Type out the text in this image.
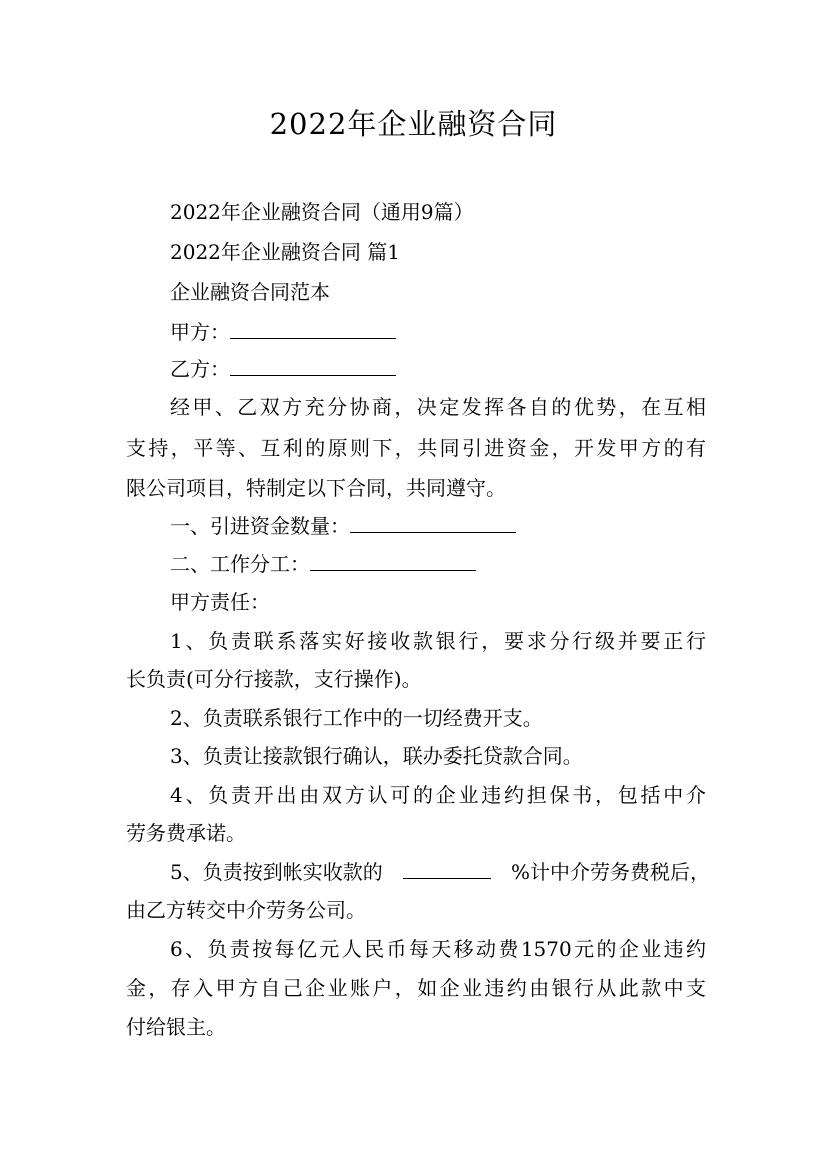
2022年企业融资合同
2022年企业融资合同（通用9篇）
2022年企业融资合同 篇1
企业融资合同范本
甲方：
乙方：
经甲、乙双方充分协商，决定发挥各自的优势，在互相
支持，平等、互利的原则下，共同引进资金，开发甲方的有
限公司项目，特制定以下合同，共同遵守。
一、引进资金数量：
二、工作分工：
甲方责任：
1、负责联系落实好接收款银行，要求分行级并要正行
长负责(可分行接款，支行操作)。
2、负责联系银行工作中的一切经费开支。
3、负责让接款银行确认，联办委托贷款合同。
4、负责开出由双方认可的企业违约担保书，包括中介
劳务费承诺。
5、负责按到帐实收款的	%计中介劳务费税后，
由乙方转交中介劳务公司。
6、负责按每亿元人民币每天移动费1570元的企业违约
金，存入甲方自己企业账户，如企业违约由银行从此款中支
付给银主。
